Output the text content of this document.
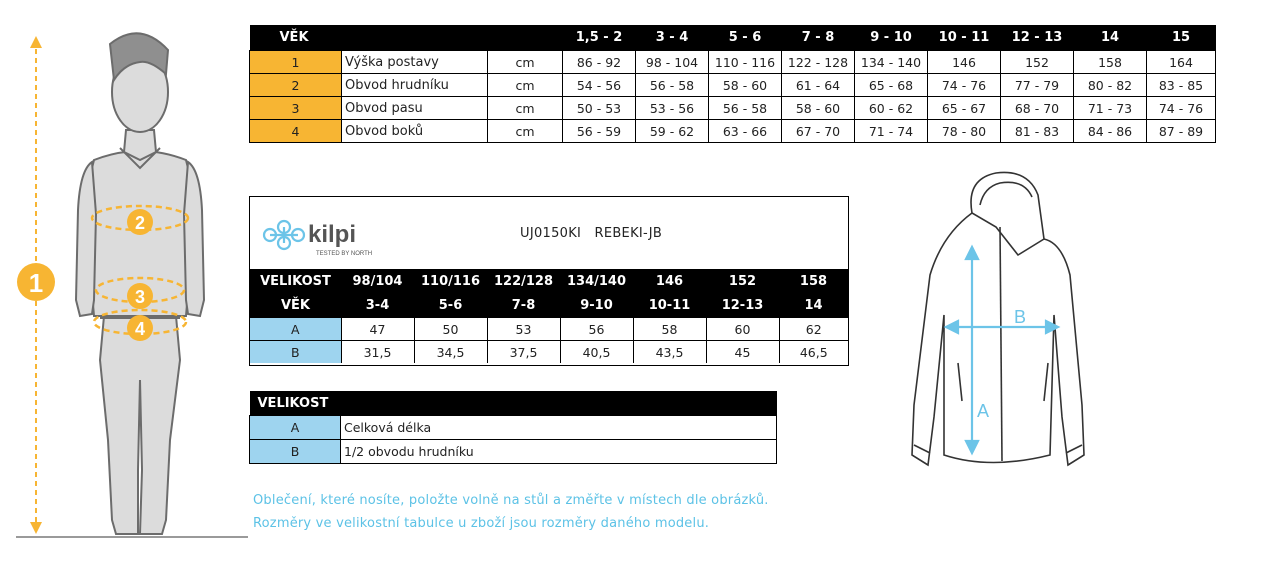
1
2
3
4
VĚK			1,5 - 2	3 - 4	5 - 6	7 - 8	9 - 10	10 - 11	12 - 13	14	15
1	Výška postavy	cm	86 - 92	98 - 104	110 - 116	122 - 128	134 - 140	146	152	158	164
2	Obvod hrudníku	cm	54 - 56	56 - 58	58 - 60	61 - 64	65 - 68	74 - 76	77 - 79	80 - 82	83 - 85
3	Obvod pasu	cm	50 - 53	53 - 56	56 - 58	58 - 60	60 - 62	65 - 67	68 - 70	71 - 73	74 - 76
4	Obvod boků	cm	56 - 59	59 - 62	63 - 66	67 - 70	71 - 74	78 - 80	81 - 83	84 - 86	87 - 89
kilpi
TESTED BY NORTH
UJ0150KI   REBEKI-JB
VELIKOST	98/104	110/116	122/128	134/140	146	152	158
VĚK	3-4	5-6	7-8	9-10	10-11	12-13	14
A	47	50	53	56	58	60	62
B	31,5	34,5	37,5	40,5	43,5	45	46,5
VELIKOST	
A	Celková délka
B	1/2 obvodu hrudníku
Oblečení, které nosíte, položte volně na stůl a změřte v místech dle obrázků.
Rozměry ve velikostní tabulce u zboží jsou rozměry daného modelu.
A
B
